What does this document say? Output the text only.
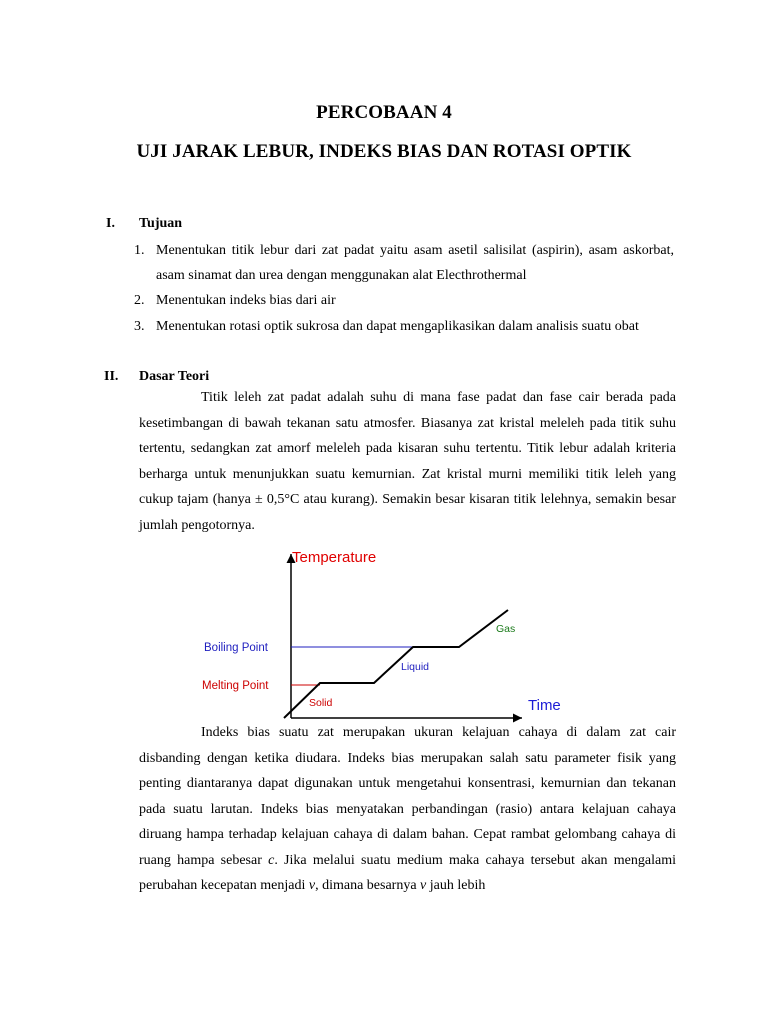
PERCOBAAN 4
UJI JARAK LEBUR, INDEKS BIAS DAN ROTASI OPTIK
I. Tujuan
1. Menentukan titik lebur dari zat padat yaitu asam asetil salisilat (aspirin), asam askorbat, asam sinamat dan urea dengan menggunakan alat Electhrothermal
2. Menentukan indeks bias dari air
3. Menentukan rotasi optik sukrosa dan dapat mengaplikasikan dalam analisis suatu obat
II. Dasar Teori
Titik leleh zat padat adalah suhu di mana fase padat dan fase cair berada pada kesetimbangan di bawah tekanan satu atmosfer. Biasanya zat kristal meleleh pada titik suhu tertentu, sedangkan zat amorf meleleh pada kisaran suhu tertentu. Titik lebur adalah kriteria berharga untuk menunjukkan suatu kemurnian. Zat kristal murni memiliki titik leleh yang cukup tajam (hanya ± 0,5°C atau kurang). Semakin besar kisaran titik lelehnya, semakin besar jumlah pengotornya.
Temperature
Time
Boiling Point
Melting Point
Solid
Liquid
Gas
Indeks bias suatu zat merupakan ukuran kelajuan cahaya di dalam zat cair disbanding dengan ketika diudara. Indeks bias merupakan salah satu parameter fisik yang penting diantaranya dapat digunakan untuk mengetahui konsentrasi, kemurnian dan tekanan pada suatu larutan. Indeks bias menyatakan perbandingan (rasio) antara kelajuan cahaya diruang hampa terhadap kelajuan cahaya di dalam bahan. Cepat rambat gelombang cahaya di ruang hampa sebesar c. Jika melalui suatu medium maka cahaya tersebut akan mengalami perubahan kecepatan menjadi v, dimana besarnya v jauh lebih
